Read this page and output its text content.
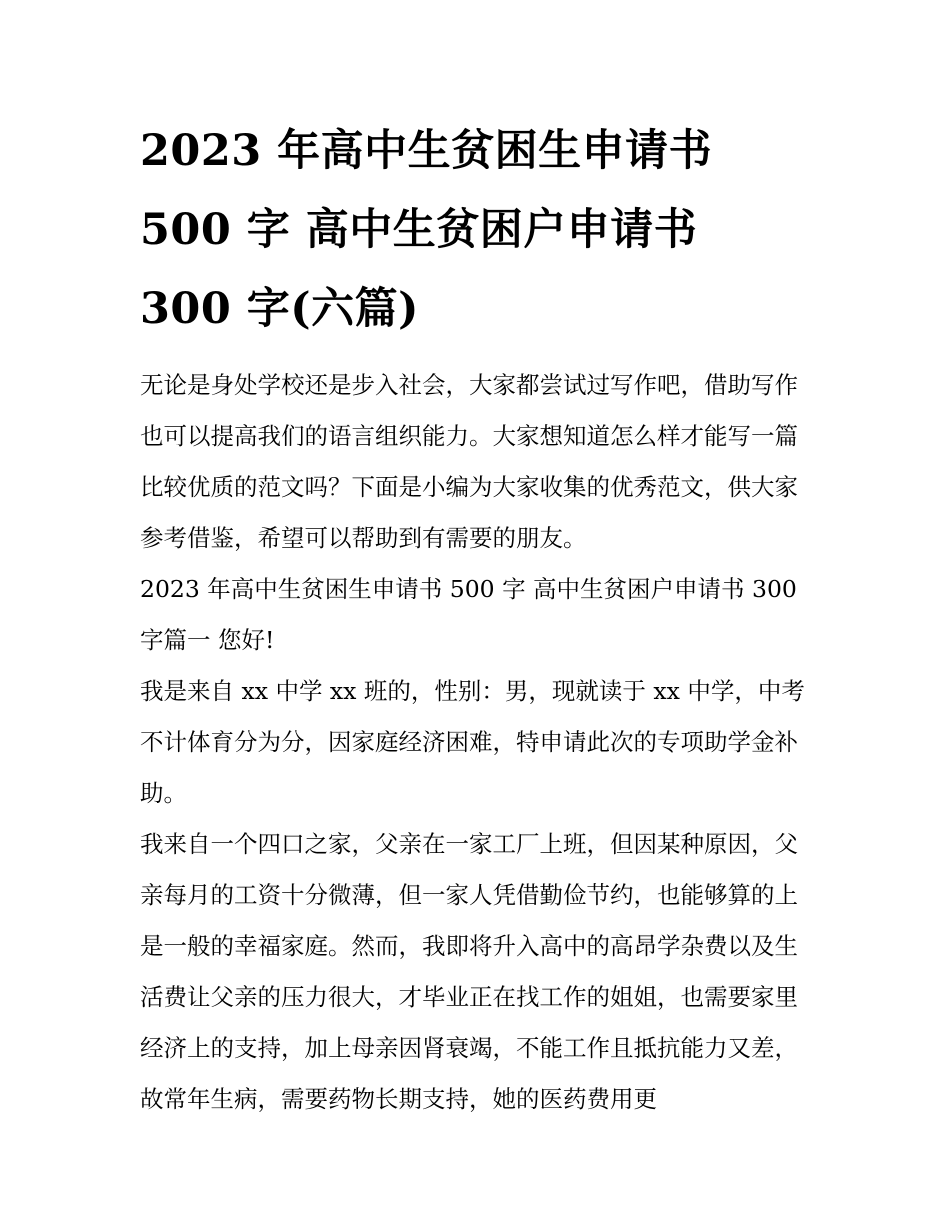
2023 年高中生贫困生申请书
500 字 高中生贫困户申请书
300 字(六篇)

无论是身处学校还是步入社会，大家都尝试过写作吧，借助写作也可以提高我们的语言组织能力。大家想知道怎么样才能写一篇比较优质的范文吗？下面是小编为大家收集的优秀范文，供大家参考借鉴，希望可以帮助到有需要的朋友。

2023 年高中生贫困生申请书 500 字 高中生贫困户申请书 300 字篇一 您好!

我是来自 xx 中学 xx 班的，性别：男，现就读于 xx 中学，中考不计体育分为分，因家庭经济困难，特申请此次的专项助学金补助。

我来自一个四口之家，父亲在一家工厂上班，但因某种原因，父亲每月的工资十分微薄，但一家人凭借勤俭节约，也能够算的上是一般的幸福家庭。然而，我即将升入高中的高昂学杂费以及生活费让父亲的压力很大，才毕业正在找工作的姐姐，也需要家里经济上的支持，加上母亲因肾衰竭，不能工作且抵抗能力又差，故常年生病，需要药物长期支持，她的医药费用更
